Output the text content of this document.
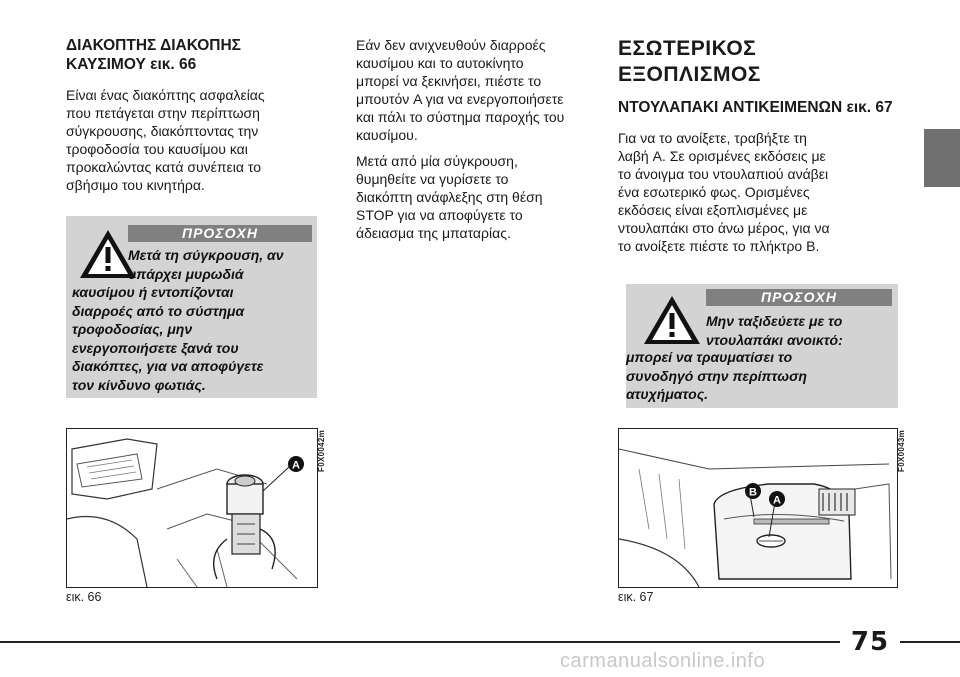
ΔΙΑΚΟΠΤΗΣ ΔΙΑΚΟΠΗΣ ΚΑΥΣΙΜΟΥ εικ. 66

Είναι ένας διακόπτης ασφαλείας
που πετάγεται στην περίπτωση
σύγκρουσης, διακόπτοντας την
τροφοδοσία του καυσίμου και
προκαλώντας κατά συνέπεια το
σβήσιμο του κινητήρα.

ΠΡΟΣΟΧΗ
Μετά τη σύγκρουση, αν
υπάρχει μυρωδιά
καυσίμου ή εντοπίζονται
διαρροές από το σύστημα
τροφοδοσίας, μην
ενεργοποιήσετε ξανά του
διακόπτες, για να αποφύγετε
τον κίνδυνο φωτιάς.
A F0X0042m
εικ. 66

Εάν δεν ανιχνευθούν διαρροές
καυσίμου και το αυτοκίνητο
μπορεί να ξεκινήσει, πιέστε το
μπουτόν A για να ενεργοποιήσετε
και πάλι το σύστημα παροχής του
καυσίμου.

Μετά από μία σύγκρουση,
θυμηθείτε να γυρίσετε το
διακόπτη ανάφλεξης στη θέση
STOP για να αποφύγετε το
άδειασμα της μπαταρίας.

ΕΣΩΤΕΡΙΚΟΣ ΕΞΟΠΛΙΣΜΟΣ
ΝΤΟΥΛΑΠΑΚΙ ΑΝΤΙΚΕΙΜΕΝΩΝ εικ. 67

Για να το ανοίξετε, τραβήξτε τη
λαβή A. Σε ορισμένες εκδόσεις με
το άνοιγμα του ντουλαπιού ανάβει
ένα εσωτερικό φως. Ορισμένες
εκδόσεις είναι εξοπλισμένες με
ντουλαπάκι στο άνω μέρος, για να
το ανοίξετε πιέστε το πλήκτρο B.

ΠΡΟΣΟΧΗ
Μην ταξιδεύετε με το
ντουλαπάκι ανοικτό:
μπορεί να τραυματίσει το
συνοδηγό στην περίπτωση
ατυχήματος.
B
A
F0X0043m
εικ. 67
75
carmanualsonline.info
